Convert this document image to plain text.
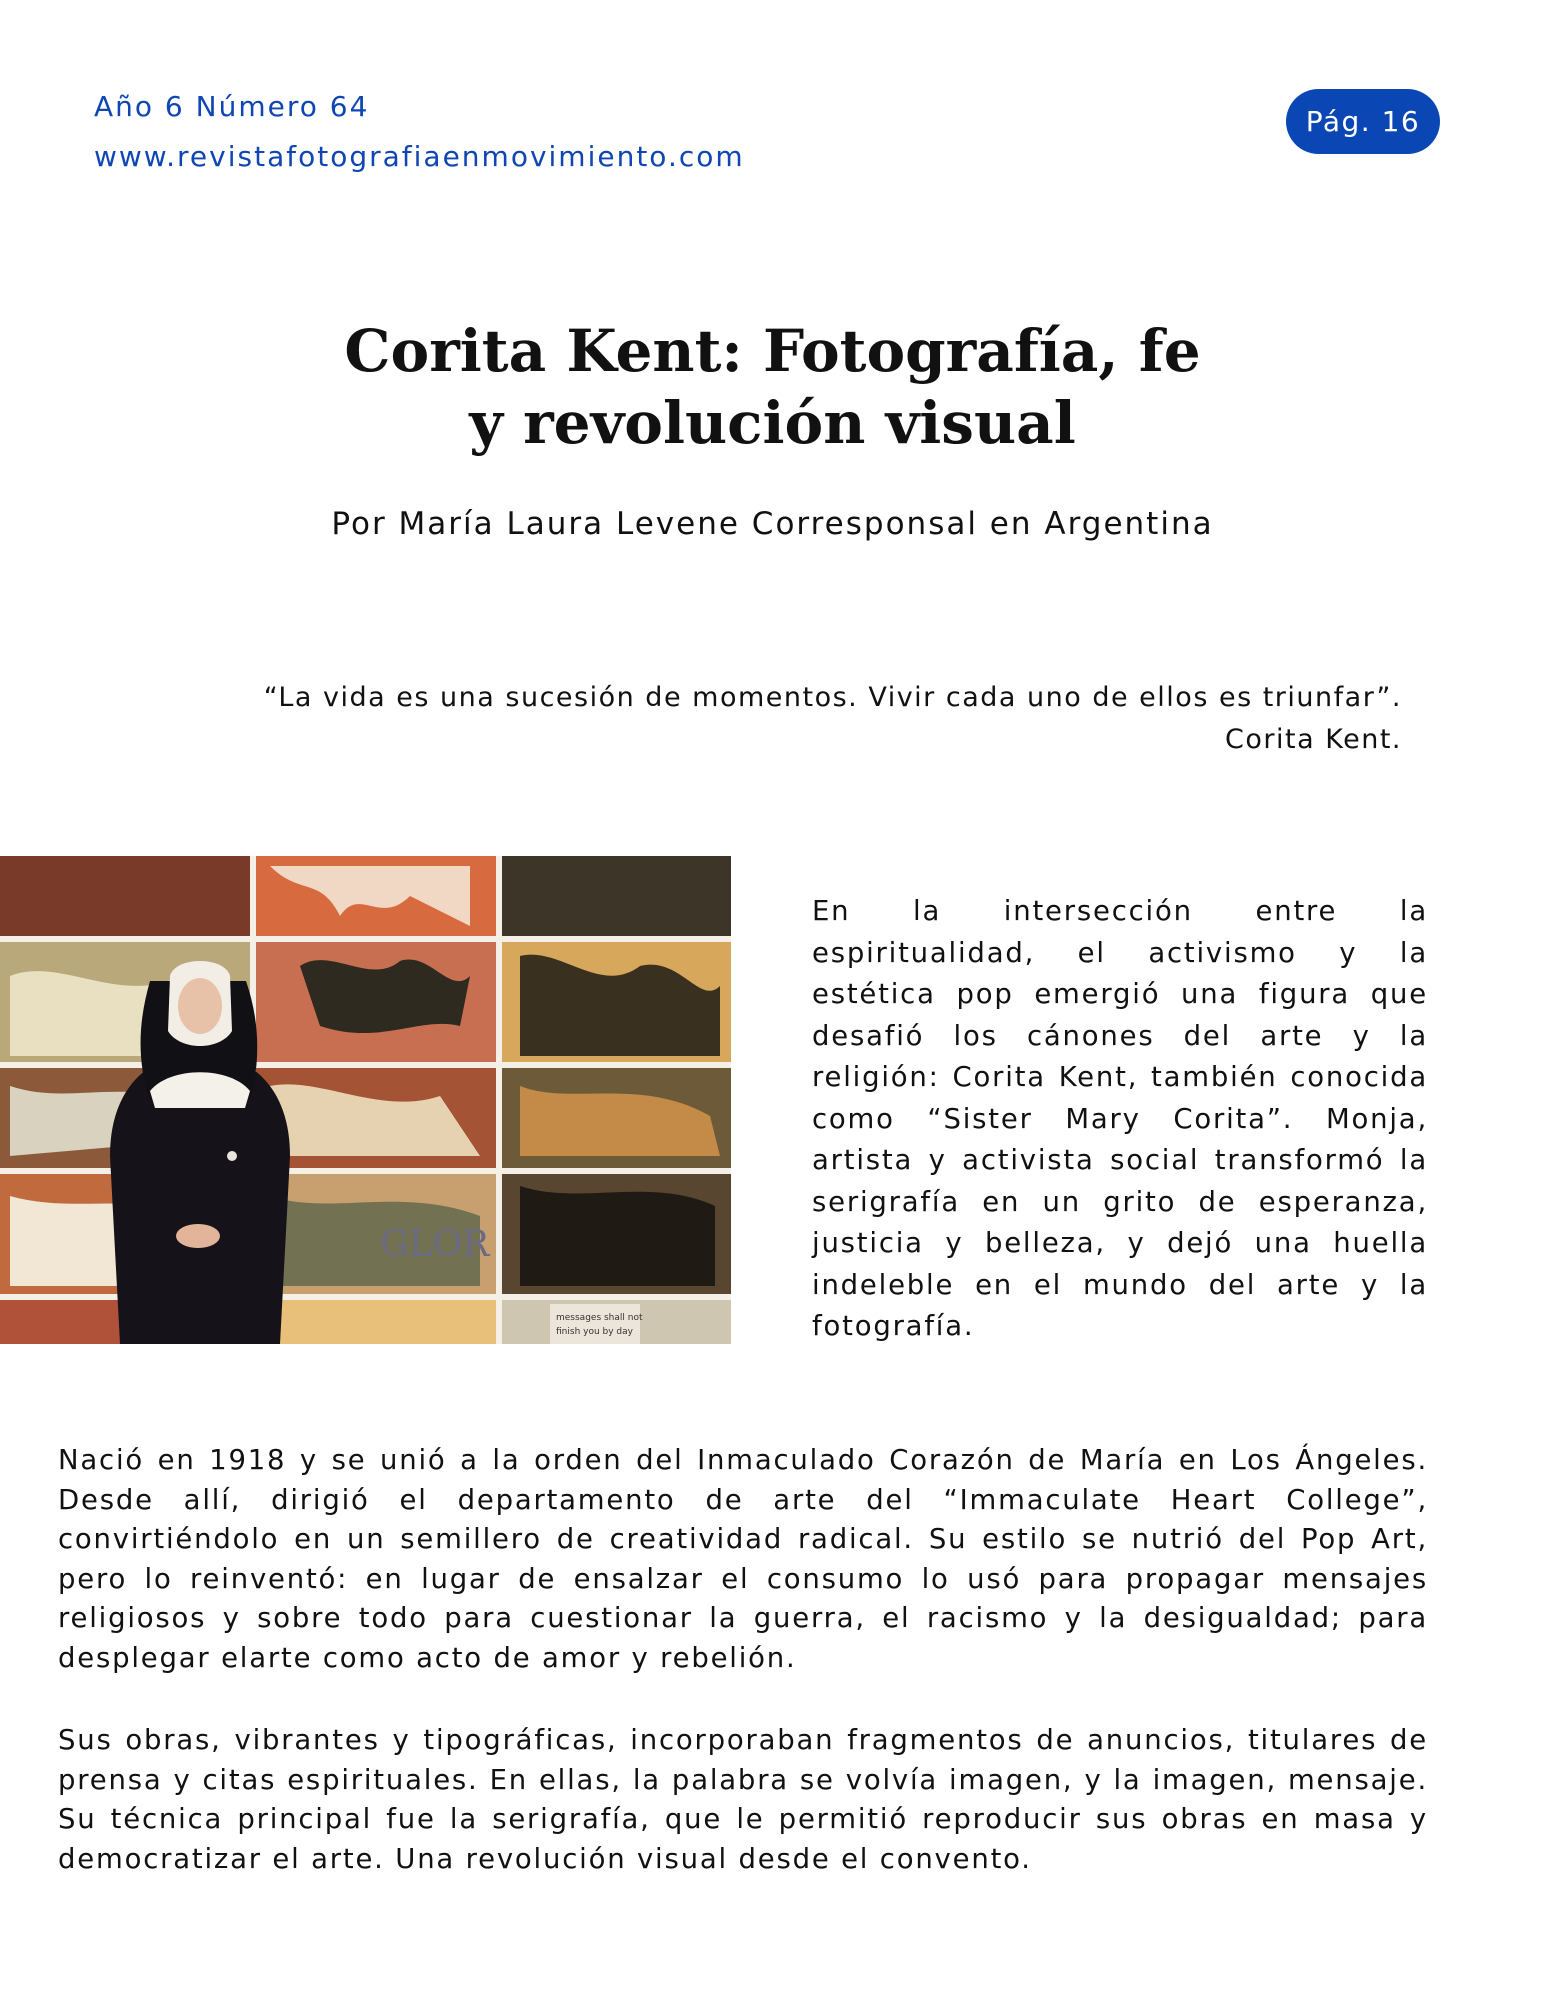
Año 6 Número 64
www.revistafotografiaenmovimiento.com
Pág. 16
Corita Kent: Fotografía, fe
y revolución visual
Por María Laura Levene Corresponsal en Argentina
“La vida es una sucesión de momentos. Vivir cada uno de ellos es triunfar”.
Corita Kent.
GLOR
messages shall not
finish you by day

En la intersección entre la espiritualidad, el activismo y la estética pop emergió una figura que desafió los cánones del arte y la religión: Corita Kent, también conocida como “Sister Mary Corita”. Monja, artista y activista social transformó la serigrafía en un grito de esperanza, justicia y belleza, y dejó una huella indeleble en el mundo del arte y la fotografía.

Nació en 1918 y se unió a la orden del Inmaculado Corazón de María en Los Ángeles. Desde allí, dirigió el departamento de arte del “Immaculate Heart College”, convirtiéndolo en un semillero de creatividad radical. Su estilo se nutrió del Pop Art, pero lo reinventó: en lugar de ensalzar el consumo lo usó para propagar mensajes religiosos y sobre todo para cuestionar la guerra, el racismo y la desigualdad; para desplegar elarte como acto de amor y rebelión.

Sus obras, vibrantes y tipográficas, incorporaban fragmentos de anuncios, titulares de prensa y citas espirituales. En ellas, la palabra se volvía imagen, y la imagen, mensaje. Su técnica principal fue la serigrafía, que le permitió reproducir sus obras en masa y democratizar el arte. Una revolución visual desde el convento.
